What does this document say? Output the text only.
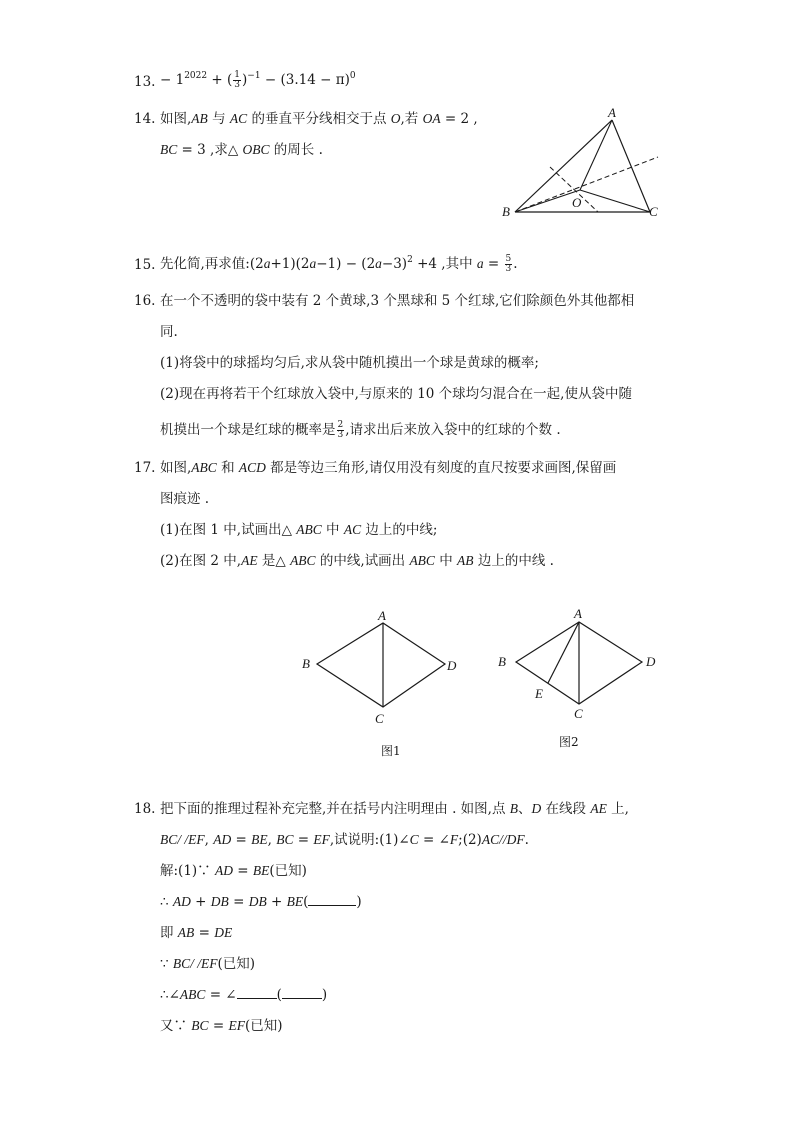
13. − $1^{2022}$ + ( $\frac{1}{3} )^{-1} - (3.14 - \pi)^0$
14. 如图,AB 与 AC 的垂直平分线相交于点 O,若 OA = 2 ,
BC = 3 ,求△ OBC 的周长 .
A
B	C
O
15. 先化简,再求值:(2a+1)(2a−1) − $(2a-3)^2 +4$ ,其中 $a = \frac{5}{3}$ .
16. 在一个不透明的袋中装有 2 个黄球,3 个黑球和 5 个红球,它们除颜色外其他都相
同.
(1)将袋中的球摇均匀后,求从袋中随机摸出一个球是黄球的概率;
(2)现在再将若干个红球放入袋中,与原来的 10 个球均匀混合在一起,使从袋中随
机摸出一个球是红球的概率是 $\frac{2}{3}$ ,请求出后来放入袋中的红球的个数 .
17. 如图,ABC 和 ACD 都是等边三角形,请仅用没有刻度的直尺按要求画图,保留画
图痕迹 .
(1)在图 1 中,试画出△ ABC 中 AC 边上的中线;
(2)在图 2 中,AE 是△ ABC 的中线,试画出 ABC 中 AB 边上的中线 .
A
B
C
D
图1
A
B
C
D
E
图2
18. 把下面的推理过程补充完整,并在括号内注明理由 . 如图,点 B、D 在线段 AE 上,
BC/ /EF, AD = BE, BC = EF,试说明:(1)∠C = ∠F;(2)AC//DF.
解:(1)∵ AD = BE(已知)
∴ AD + DB = DB + BE(	)
即 AB = DE
∵ BC/ /EF(已知)
∴∠ABC = ∠	(	)
又∵ BC = EF(已知)
